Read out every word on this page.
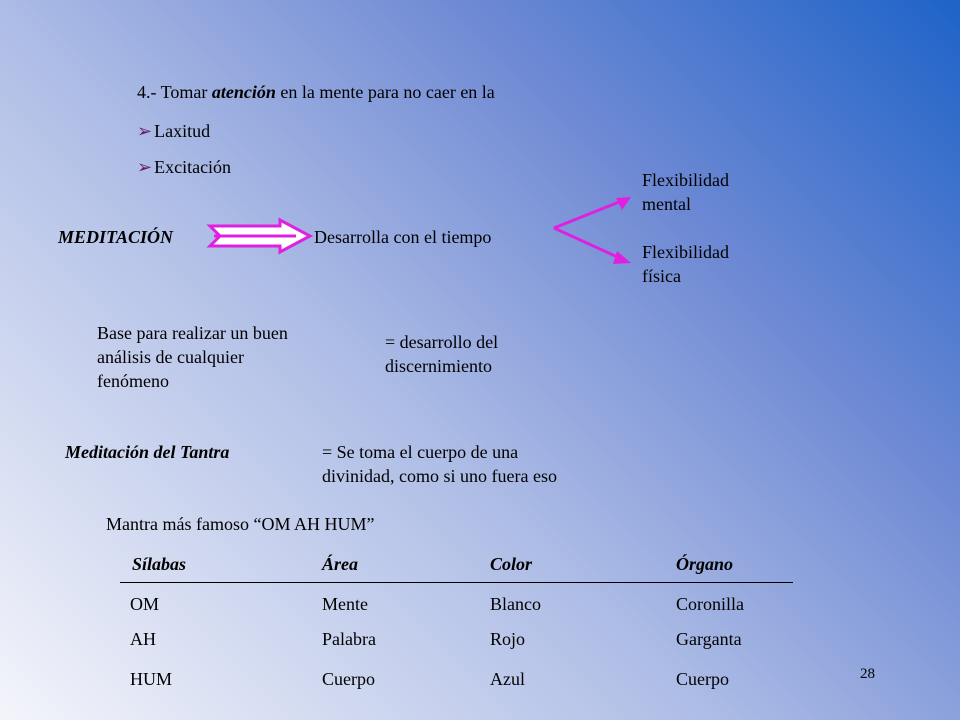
4.- Tomar atención en la mente para no caer en la
➢ Laxitud
➢ Excitación
MEDITACIÓN	Desarrolla con el tiempo
Flexibilidad
mental
Flexibilidad
física
Base para realizar un buen
análisis de cualquier
fenómeno
= desarrollo del
discernimiento
Meditación del Tantra	= Se toma el cuerpo de una
divinidad, como si uno fuera eso
Mantra más famoso “OM AH HUM”
Sílabas	Área	Color	Órgano
OM	Mente	Blanco	Coronilla
AH	Palabra	Rojo	Garganta
HUM	Cuerpo	Azul	Cuerpo	28
